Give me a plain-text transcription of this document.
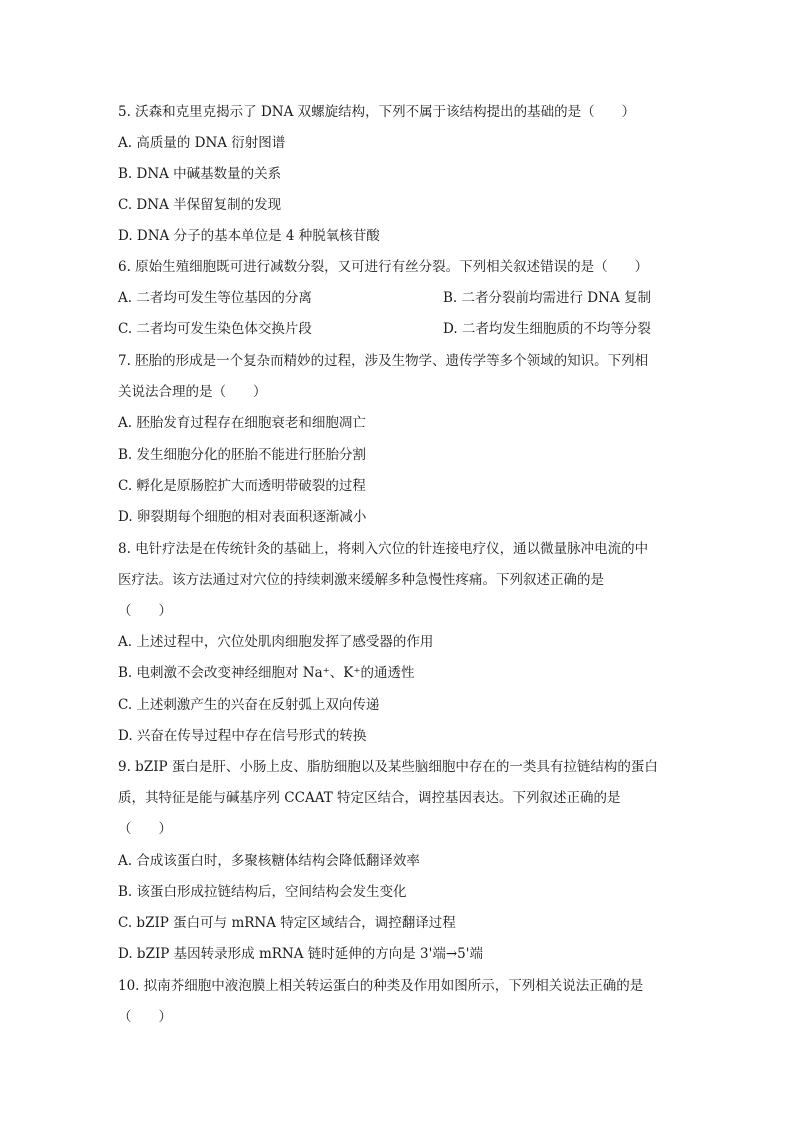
5. 沃森和克里克揭示了 DNA 双螺旋结构，下列不属于该结构提出的基础的是（　　）
A. 高质量的 DNA 衍射图谱
B. DNA 中碱基数量的关系
C. DNA 半保留复制的发现
D. DNA 分子的基本单位是 4 种脱氧核苷酸
6. 原始生殖细胞既可进行减数分裂，又可进行有丝分裂。下列相关叙述错误的是（　　）
A. 二者均可发生等位基因的分离	B. 二者分裂前均需进行 DNA 复制
C. 二者均可发生染色体交换片段	D. 二者均发生细胞质的不均等分裂
7. 胚胎的形成是一个复杂而精妙的过程，涉及生物学、遗传学等多个领域的知识。下列相
关说法合理的是（　　）
A. 胚胎发育过程存在细胞衰老和细胞凋亡
B. 发生细胞分化的胚胎不能进行胚胎分割
C. 孵化是原肠腔扩大而透明带破裂的过程
D. 卵裂期每个细胞的相对表面积逐渐减小
8. 电针疗法是在传统针灸的基础上，将刺入穴位的针连接电疗仪，通以微量脉冲电流的中
医疗法。该方法通过对穴位的持续刺激来缓解多种急慢性疼痛。下列叙述正确的是
（　　）
A. 上述过程中，穴位处肌肉细胞发挥了感受器的作用
B. 电刺激不会改变神经细胞对 Na⁺、K⁺的通透性
C. 上述刺激产生的兴奋在反射弧上双向传递
D. 兴奋在传导过程中存在信号形式的转换
9. bZIP 蛋白是肝、小肠上皮、脂肪细胞以及某些脑细胞中存在的一类具有拉链结构的蛋白
质，其特征是能与碱基序列 CCAAT 特定区结合，调控基因表达。下列叙述正确的是
（　　）
A. 合成该蛋白时，多聚核糖体结构会降低翻译效率
B. 该蛋白形成拉链结构后，空间结构会发生变化
C. bZIP 蛋白可与 mRNA 特定区域结合，调控翻译过程
D. bZIP 基因转录形成 mRNA 链时延伸的方向是 3'端→5'端
10. 拟南芥细胞中液泡膜上相关转运蛋白的种类及作用如图所示，下列相关说法正确的是
（　　）
